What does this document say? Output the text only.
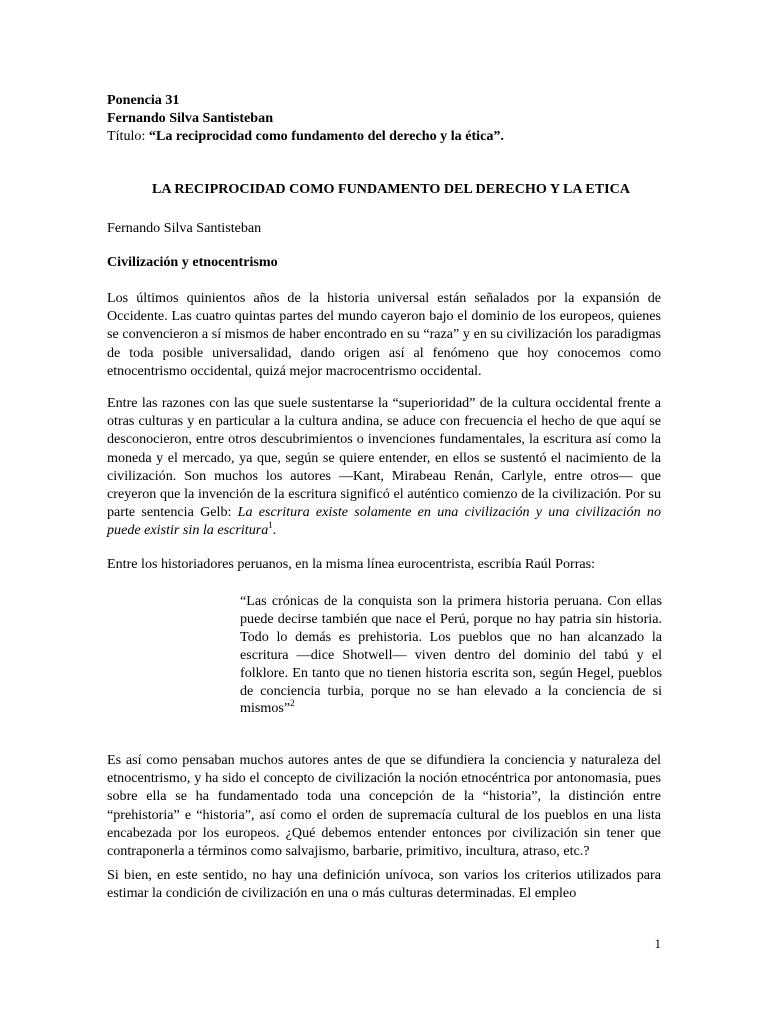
Ponencia 31
Fernando Silva Santisteban
Título: “La reciprocidad como fundamento del derecho y la ética”.
LA RECIPROCIDAD COMO FUNDAMENTO DEL DERECHO Y LA ETICA
Fernando Silva Santisteban
Civilización y etnocentrismo

Los últimos quinientos años de la historia universal están señalados por la expansión de Occidente. Las cuatro quintas partes del mundo cayeron bajo el dominio de los europeos, quienes se convencieron a sí mismos de haber encontrado en su “raza” y en su civilización los paradigmas de toda posible universalidad, dando origen así al fenómeno que hoy conocemos como etnocentrismo occidental, quizá mejor macrocentrismo occidental.

Entre las razones con las que suele sustentarse la “superioridad” de la cultura occidental frente a otras culturas y en particular a la cultura andina, se aduce con frecuencia el hecho de que aquí se desconocieron, entre otros descubrimientos o invenciones fundamentales, la escritura así como la moneda y el mercado, ya que, según se quiere entender, en ellos se sustentó el nacimiento de la civilización. Son muchos los autores —Kant, Mirabeau Renán, Carlyle, entre otros— que creyeron que la invención de la escritura significó el auténtico comienzo de la civilización. Por su parte sentencia Gelb: La escritura existe solamente en una civilización y una civilización no puede existir sin la escritura$^1$.

Entre los historiadores peruanos, en la misma línea eurocentrista, escribía Raúl Porras:

“Las crónicas de la conquista son la primera historia peruana. Con ellas puede decirse también que nace el Perú, porque no hay patria sin historia. Todo lo demás es prehistoria. Los pueblos que no han alcanzado la escritura —dice Shotwell— viven dentro del dominio del tabú y el folklore. En tanto que no tienen historia escrita son, según Hegel, pueblos de conciencia turbia, porque no se han elevado a la conciencia de si mismos”$^2$

Es así como pensaban muchos autores antes de que se difundiera la conciencia y naturaleza del etnocentrismo, y ha sido el concepto de civilización la noción etnocéntrica por antonomasia, pues sobre ella se ha fundamentado toda una concepción de la “historia”, la distinción entre “prehistoria” e “historia”, así como el orden de supremacía cultural de los pueblos en una lista encabezada por los europeos. ¿Qué debemos entender entonces por civilización sin tener que contraponerla a términos como salvajismo, barbarie, primitivo, incultura, atraso, etc.?

Si bien, en este sentido, no hay una definición unívoca, son varios los criterios utilizados para estimar la condición de civilización en una o más culturas determinadas. El empleo

1
